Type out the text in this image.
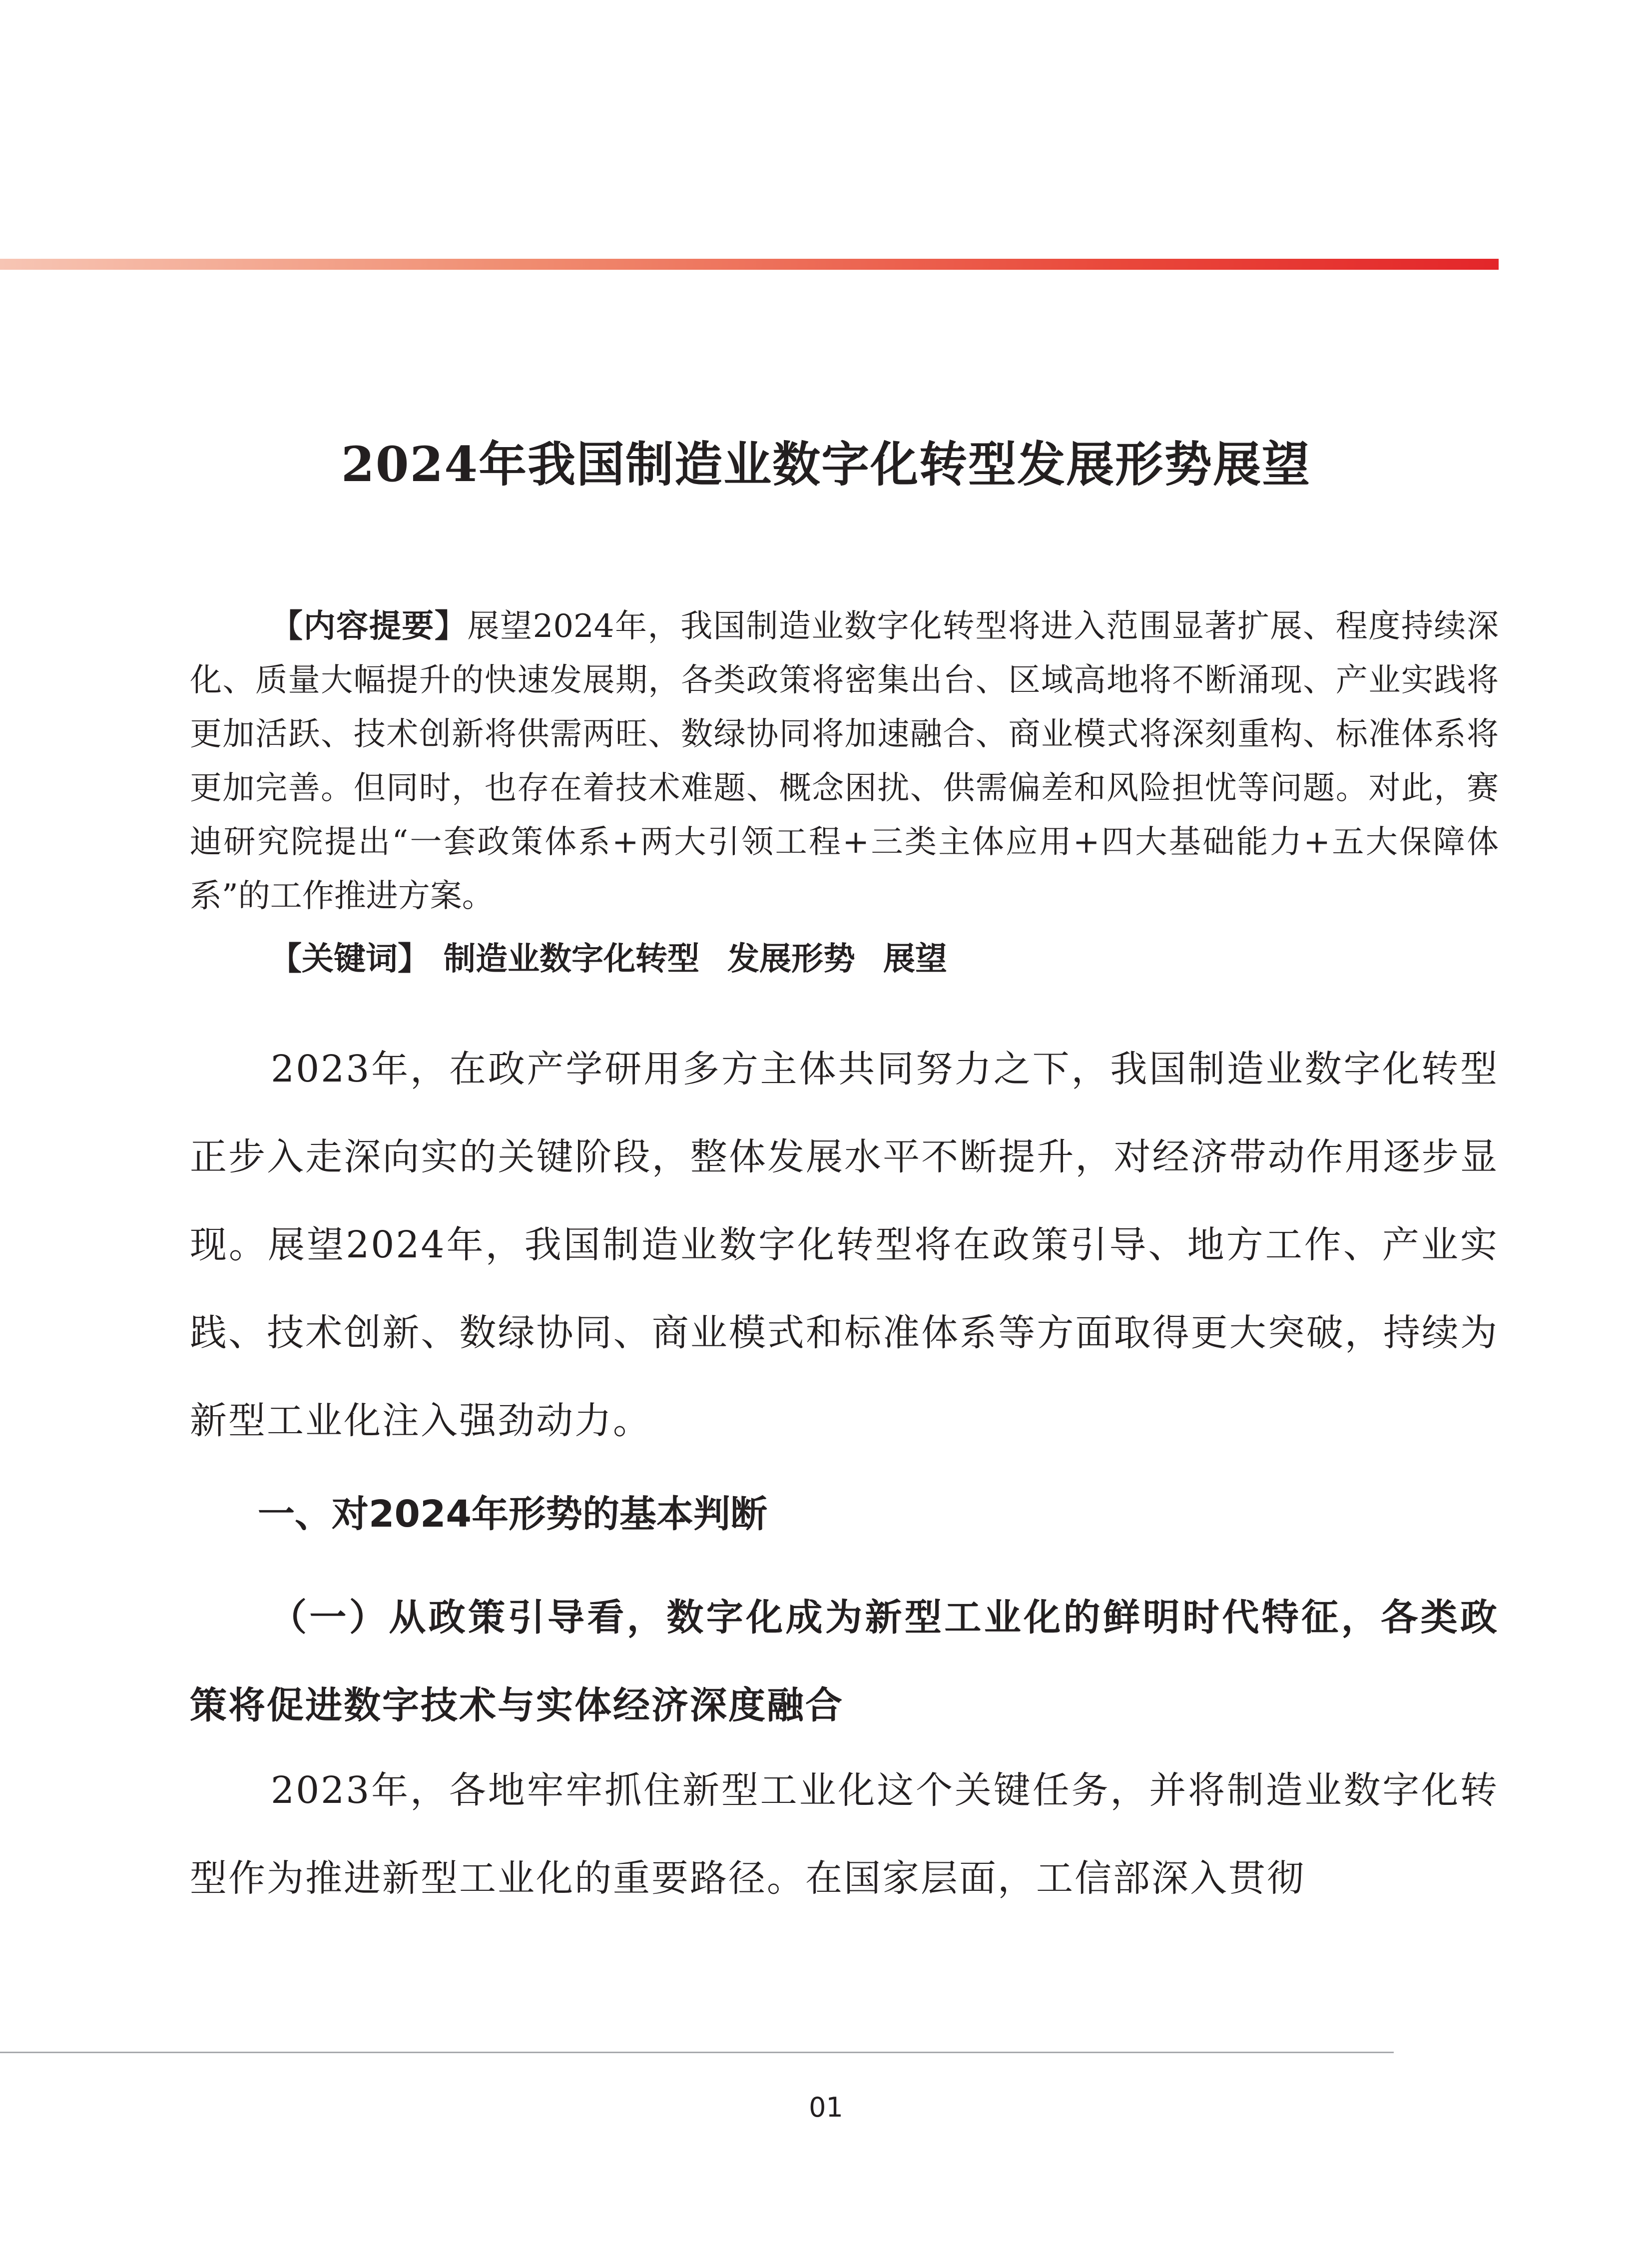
2024年我国制造业数字化转型发展形势展望

【内容提要】展望2024年，我国制造业数字化转型将进入范围显著扩展、程度持续深化、质量大幅提升的快速发展期，各类政策将密集出台、区域高地将不断涌现、产业实践将更加活跃、技术创新将供需两旺、数绿协同将加速融合、商业模式将深刻重构、标准体系将更加完善。但同时，也存在着技术难题、概念困扰、供需偏差和风险担忧等问题。对此，赛迪研究院提出“一套政策体系+两大引领工程+三类主体应用+四大基础能力+五大保障体系”的工作推进方案。

【关键词】 制造业数字化转型 发展形势 展望

2023年，在政产学研用多方主体共同努力之下，我国制造业数字化转型正步入走深向实的关键阶段，整体发展水平不断提升，对经济带动作用逐步显现。展望2024年，我国制造业数字化转型将在政策引导、地方工作、产业实践、技术创新、数绿协同、商业模式和标准体系等方面取得更大突破，持续为新型工业化注入强劲动力。

一、对2024年形势的基本判断
（一）从政策引导看，数字化成为新型工业化的鲜明时代特征，各类政策将促进数字技术与实体经济深度融合

2023年，各地牢牢抓住新型工业化这个关键任务，并将制造业数字化转型作为推进新型工业化的重要路径。在国家层面，工信部深入贯彻

01
